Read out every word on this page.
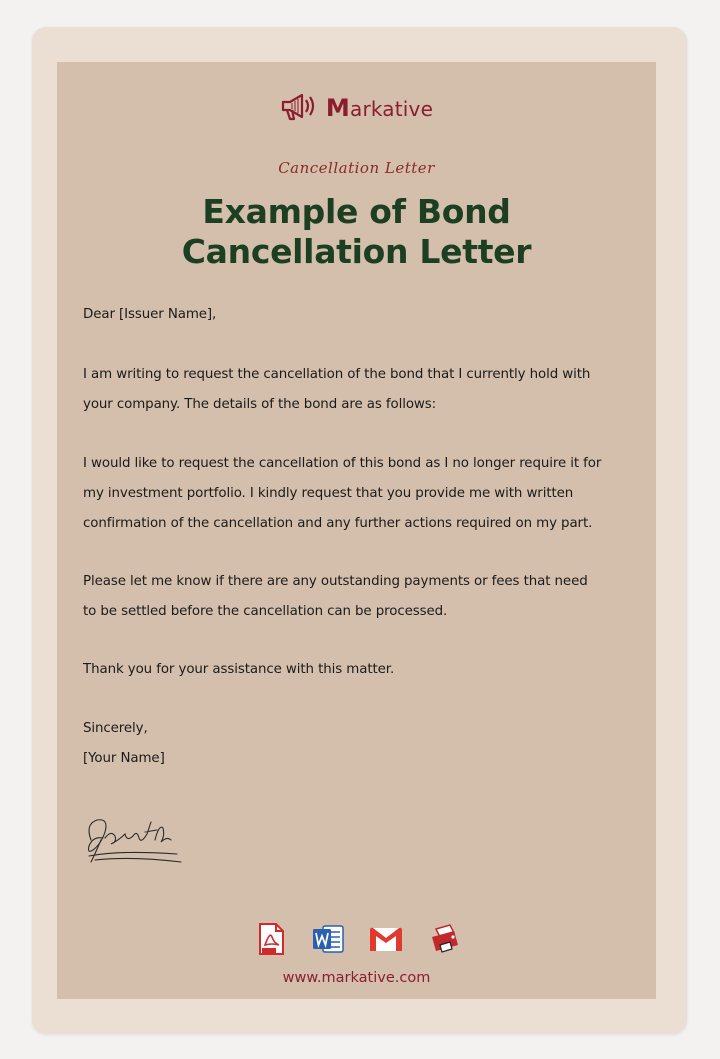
Markative
Cancellation Letter
Example of Bond
Cancellation Letter

Dear [Issuer Name],

I am writing to request the cancellation of the bond that I currently hold with

your company. The details of the bond are as follows:

I would like to request the cancellation of this bond as I no longer require it for

my investment portfolio. I kindly request that you provide me with written

confirmation of the cancellation and any further actions required on my part.

Please let me know if there are any outstanding payments or fees that need

to be settled before the cancellation can be processed.

Thank you for your assistance with this matter.

Sincerely,

[Your Name]

www.markative.com
